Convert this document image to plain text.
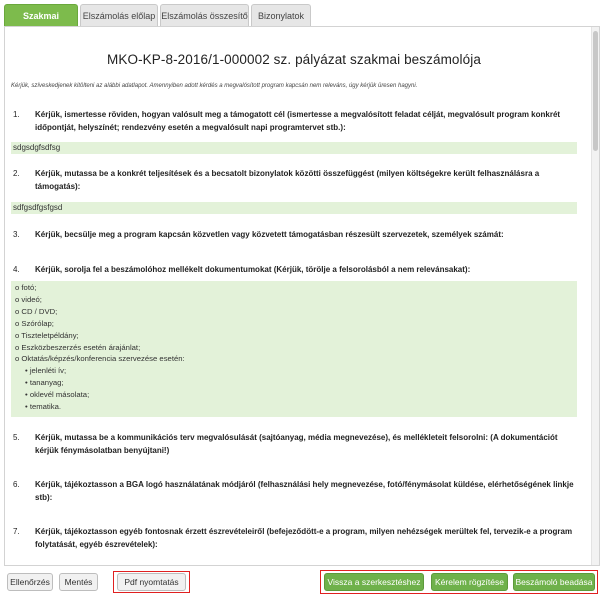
Szakmai	Elszámolás előlap Elszámolás összesítő	Bizonylatok
MKO-KP-8-2016/1-000002 sz. pályázat szakmai beszámolója
Kérjük, szíveskedjenek kitölteni az alábbi adatlapot. Amennyiben adott kérdés a megvalósított program kapcsán nem releváns, úgy kérjük üresen hagyni.
1. Kérjük, ismertesse röviden, hogyan valósult meg a támogatott cél (ismertesse a megvalósított feladat célját, megvalósult program konkrét időpontját, helyszínét; rendezvény esetén a megvalósult napi programtervet stb.):
sdgsdgfsdfsg
2. Kérjük, mutassa be a konkrét teljesítések és a becsatolt bizonylatok közötti összefüggést (milyen költségekre került felhasználásra a támogatás):
sdfgsdfgsfgsd
3. Kérjük, becsülje meg a program kapcsán közvetlen vagy közvetett támogatásban részesült szervezetek, személyek számát:
4. Kérjük, sorolja fel a beszámolóhoz mellékelt dokumentumokat (Kérjük, törölje a felsorolásból a nem relevánsakat):
o fotó;
o videó;
o CD / DVD;
o Szórólap;
o Tiszteletpéldány;
o Eszközbeszerzés esetén árajánlat;
o Oktatás/képzés/konferencia szervezése esetén:
• jelenléti ív;
• tananyag;
• oklevél másolata;
• tematika.
5. Kérjük, mutassa be a kommunikációs terv megvalósulását (sajtóanyag, média megnevezése), és mellékleteit felsorolni: (A dokumentációt kérjük fénymásolatban benyújtani!)
6. Kérjük, tájékoztasson a BGA logó használatának módjáról (felhasználási hely megnevezése, fotó/fénymásolat küldése, elérhetőségének linkje stb):
7. Kérjük, tájékoztasson egyéb fontosnak érzett észrevételeiről (befejeződött-e a program, milyen nehézségek merültek fel, tervezik-e a program folytatását, egyéb észrevételek):
Ellenőrzés	Mentés	Pdf nyomtatás	Vissza a szerkesztéshez	Kérelem rögzítése	Beszámoló beadása
